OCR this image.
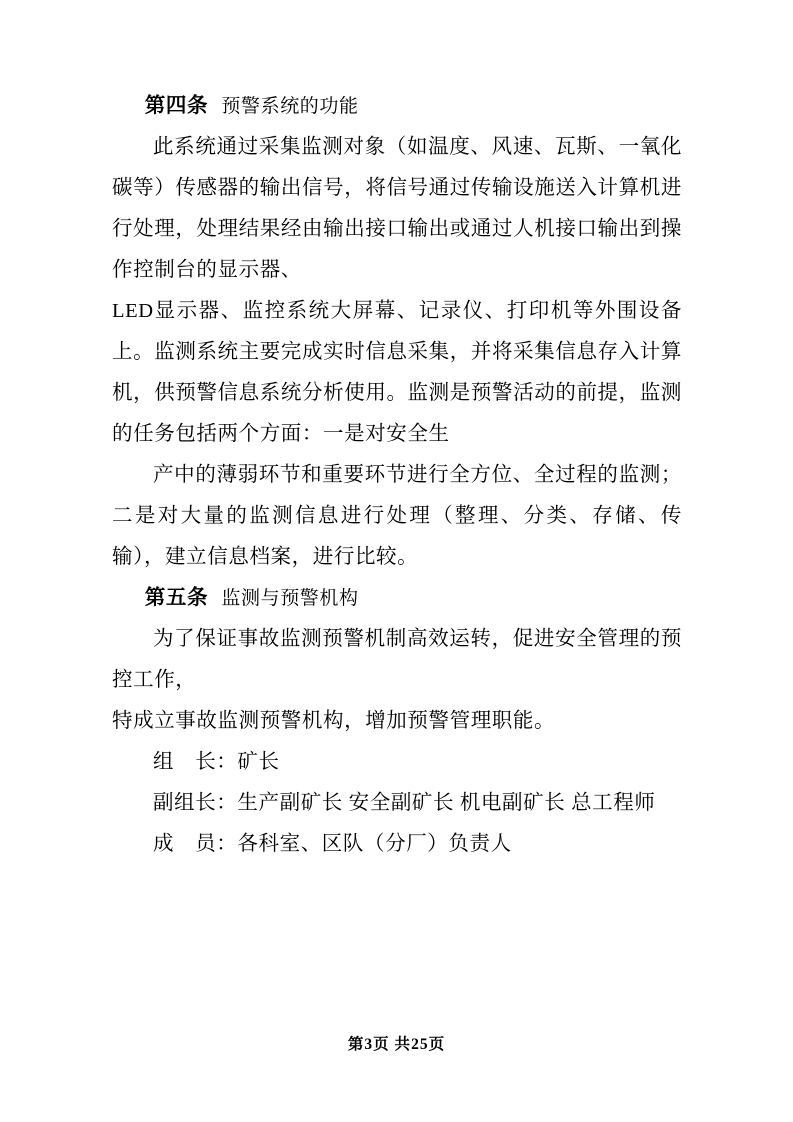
第四条 预警系统的功能

此系统通过采集监测对象（如温度、风速、瓦斯、一氧化碳等）传感器的输出信号，将信号通过传输设施送入计算机进行处理，处理结果经由输出接口输出或通过人机接口输出到操作控制台的显示器、

LED显示器、监控系统大屏幕、记录仪、打印机等外围设备上。监测系统主要完成实时信息采集，并将采集信息存入计算机，供预警信息系统分析使用。监测是预警活动的前提，监测的任务包括两个方面：一是对安全生

产中的薄弱环节和重要环节进行全方位、全过程的监测；二是对大量的监测信息进行处理（整理、分类、存储、传输），建立信息档案，进行比较。

第五条 监测与预警机构

为了保证事故监测预警机制高效运转，促进安全管理的预控工作，

特成立事故监测预警机构，增加预警管理职能。

组　长：矿长

副组长：生产副矿长 安全副矿长 机电副矿长 总工程师

成　员：各科室、区队（分厂）负责人

第3页 共25页
